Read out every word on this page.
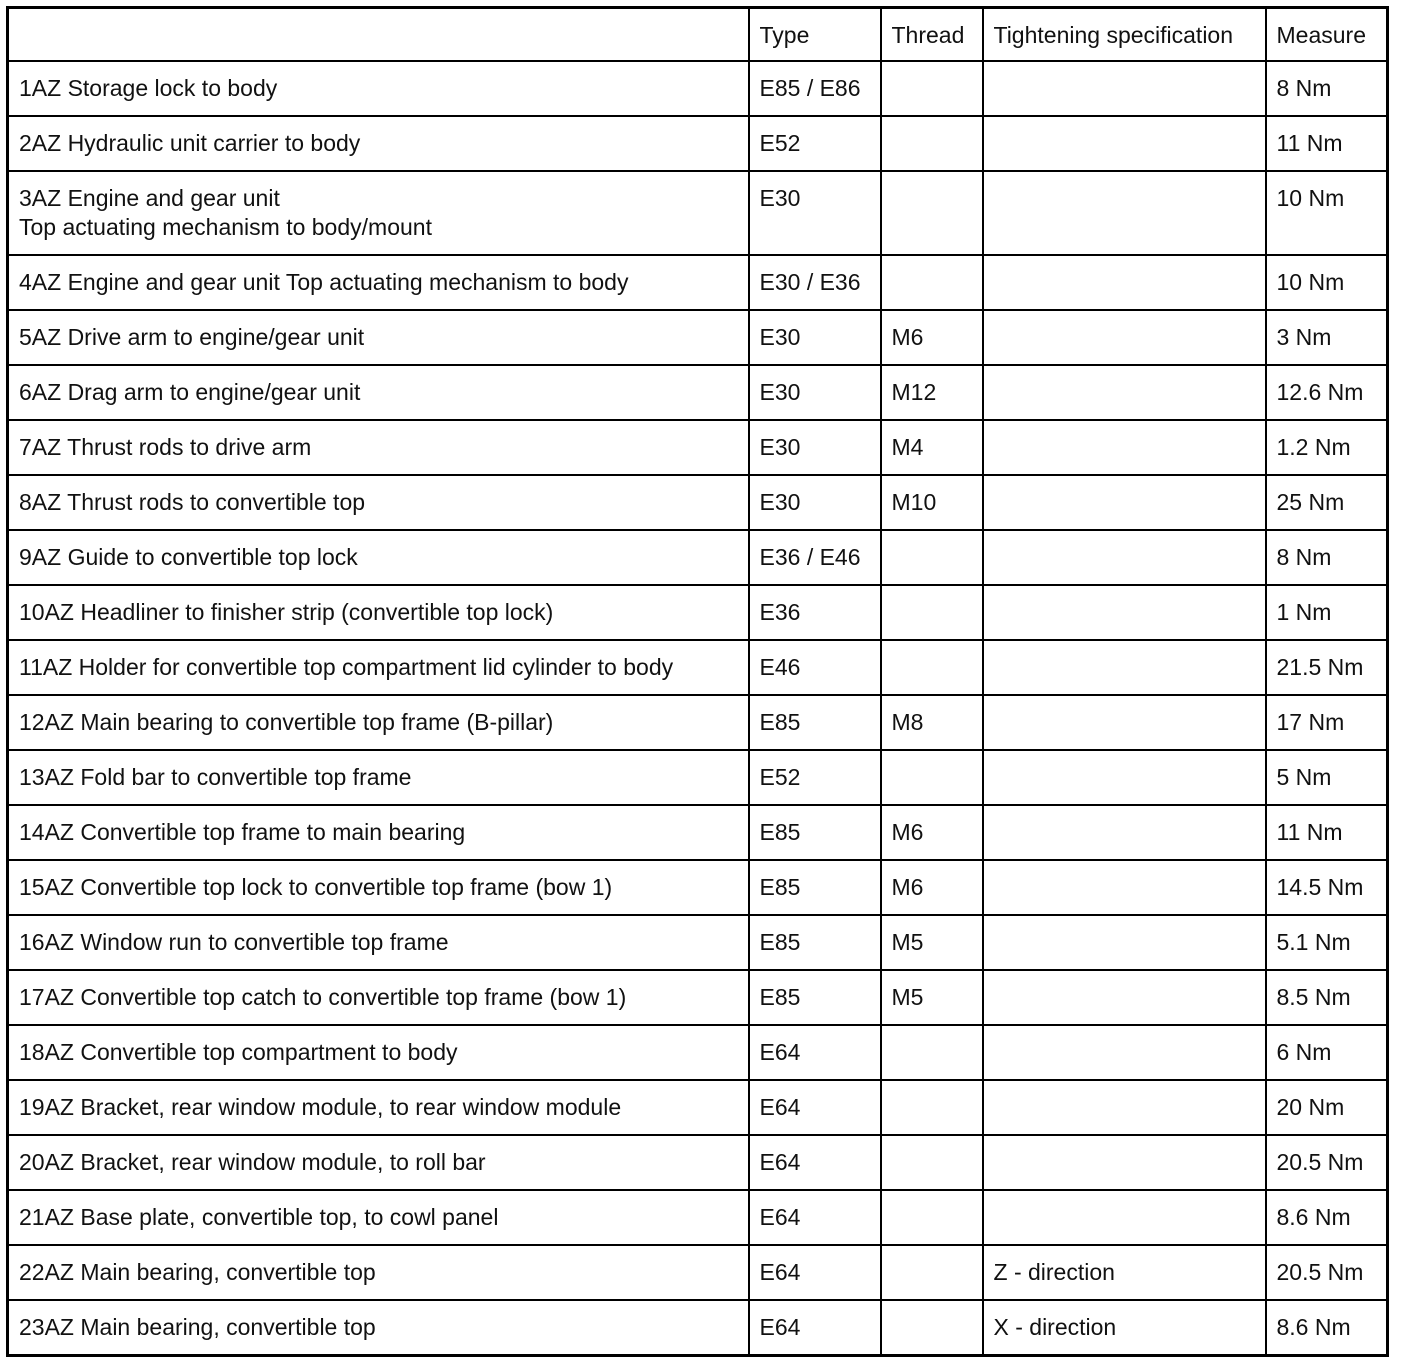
	Type	Thread	Tightening specification	Measure
1AZ Storage lock to body	E85 / E86			8 Nm
2AZ Hydraulic unit carrier to body	E52			11 Nm
3AZ Engine and gear unit
Top actuating mechanism to body/mount	E30			10 Nm
4AZ Engine and gear unit Top actuating mechanism to body	E30 / E36			10 Nm
5AZ Drive arm to engine/gear unit	E30	M6		3 Nm
6AZ Drag arm to engine/gear unit	E30	M12		12.6 Nm
7AZ Thrust rods to drive arm	E30	M4		1.2 Nm
8AZ Thrust rods to convertible top	E30	M10		25 Nm
9AZ Guide to convertible top lock	E36 / E46			8 Nm
10AZ Headliner to finisher strip (convertible top lock)	E36			1 Nm
11AZ Holder for convertible top compartment lid cylinder to body	E46			21.5 Nm
12AZ Main bearing to convertible top frame (B-pillar)	E85	M8		17 Nm
13AZ Fold bar to convertible top frame	E52			5 Nm
14AZ Convertible top frame to main bearing	E85	M6		11 Nm
15AZ Convertible top lock to convertible top frame (bow 1)	E85	M6		14.5 Nm
16AZ Window run to convertible top frame	E85	M5		5.1 Nm
17AZ Convertible top catch to convertible top frame (bow 1)	E85	M5		8.5 Nm
18AZ Convertible top compartment to body	E64			6 Nm
19AZ Bracket, rear window module, to rear window module	E64			20 Nm
20AZ Bracket, rear window module, to roll bar	E64			20.5 Nm
21AZ Base plate, convertible top, to cowl panel	E64			8.6 Nm
22AZ Main bearing, convertible top	E64		Z - direction	20.5 Nm
23AZ Main bearing, convertible top	E64		X - direction	8.6 Nm
